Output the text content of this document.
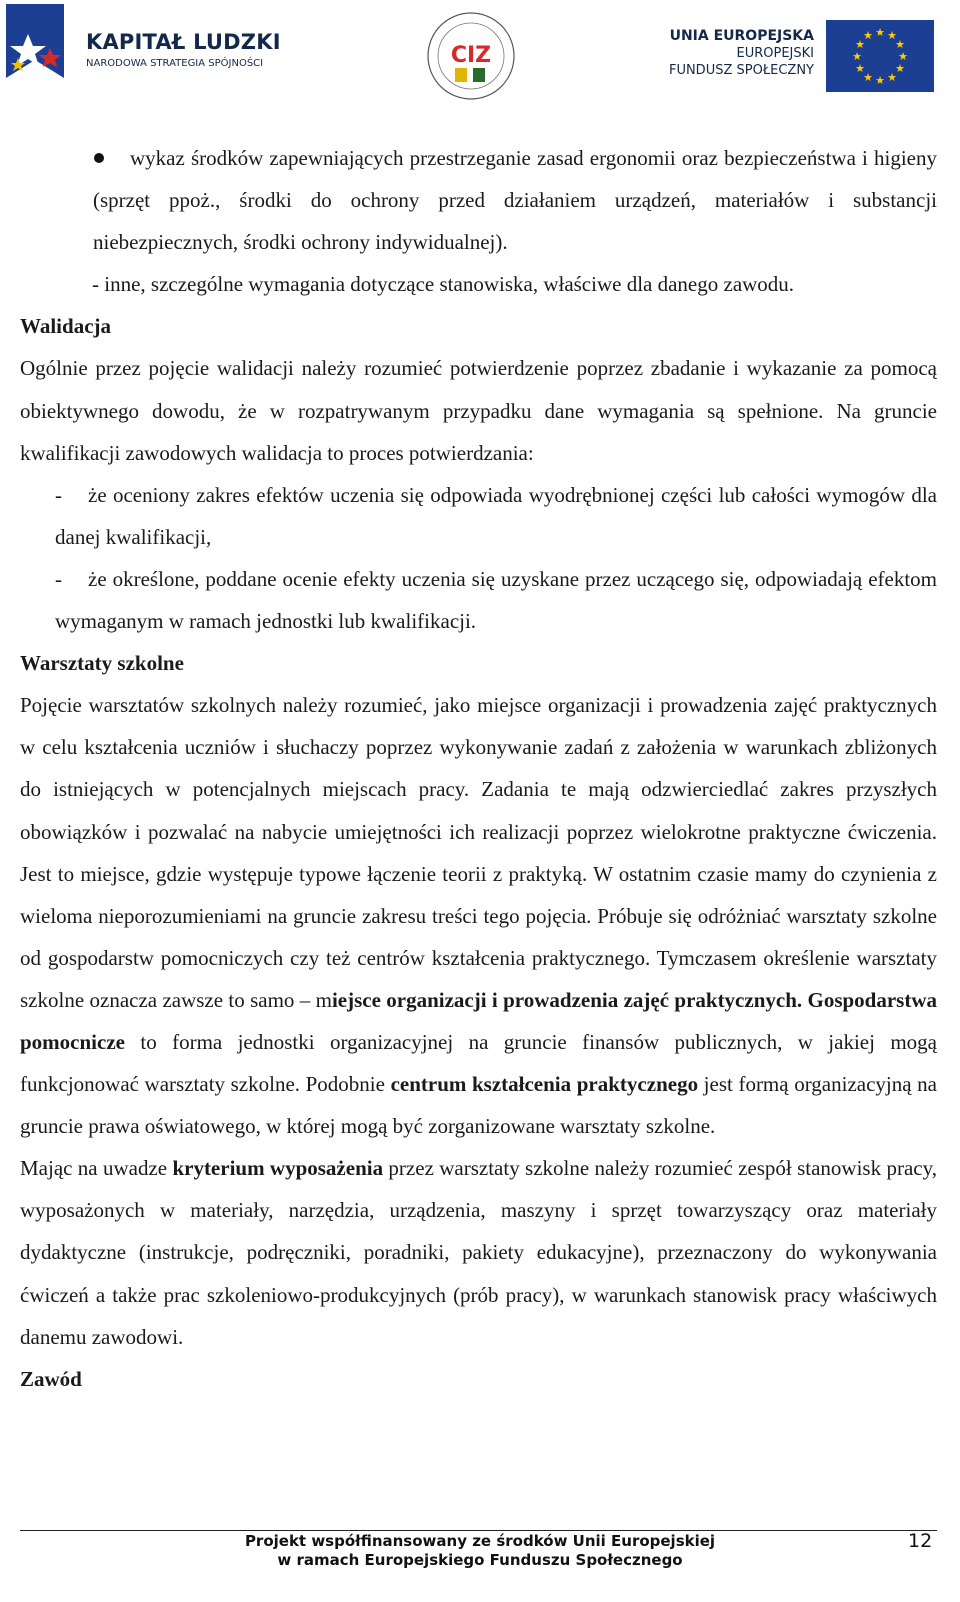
KAPITAŁ LUDZKI
NARODOWA STRATEGIA SPÓJNOŚCI	CIZ
UNIA EUROPEJSKA
EUROPEJSKI
FUNDUSZ SPOŁECZNY
★ ★
★
★
★
★
★
★
★
★
★
★

wykaz środków zapewniających przestrzeganie zasad ergonomii oraz bezpieczeństwa i higieny (sprzęt ppoż., środki do ochrony przed działaniem urządzeń, materiałów i substancji niebezpiecznych, środki ochrony indywidualnej).

- inne, szczególne wymagania dotyczące stanowiska, właściwe dla danego zawodu.

Walidacja

Ogólnie przez pojęcie walidacji należy rozumieć potwierdzenie poprzez zbadanie i wykazanie za pomocą obiektywnego dowodu, że w rozpatrywanym przypadku dane wymagania są spełnione. Na gruncie kwalifikacji zawodowych walidacja to proces potwierdzania:

-	że oceniony zakres efektów uczenia się odpowiada wyodrębnionej części lub całości wymogów dla danej kwalifikacji,

-	że określone, poddane ocenie efekty uczenia się uzyskane przez uczącego się, odpowiadają efektom wymaganym w ramach jednostki lub kwalifikacji.

Warsztaty szkolne

Pojęcie warsztatów szkolnych należy rozumieć, jako miejsce organizacji i prowadzenia zajęć praktycznych w celu kształcenia uczniów i słuchaczy poprzez wykonywanie zadań z założenia w warunkach zbliżonych do istniejących w potencjalnych miejscach pracy. Zadania te mają odzwierciedlać zakres przyszłych obowiązków i pozwalać na nabycie umiejętności ich realizacji poprzez wielokrotne praktyczne ćwiczenia. Jest to miejsce, gdzie występuje typowe łączenie teorii z praktyką. W ostatnim czasie mamy do czynienia z wieloma nieporozumieniami na gruncie zakresu treści tego pojęcia. Próbuje się odróżniać warsztaty szkolne od gospodarstw pomocniczych czy też centrów kształcenia praktycznego. Tymczasem określenie warsztaty szkolne oznacza zawsze to samo – miejsce organizacji i prowadzenia zajęć praktycznych. Gospodarstwa pomocnicze to forma jednostki organizacyjnej na gruncie finansów publicznych, w jakiej mogą funkcjonować warsztaty szkolne. Podobnie centrum kształcenia praktycznego jest formą organizacyjną na gruncie prawa oświatowego, w której mogą być zorganizowane warsztaty szkolne.

Mając na uwadze kryterium wyposażenia przez warsztaty szkolne należy rozumieć zespół stanowisk pracy, wyposażonych w materiały, narzędzia, urządzenia, maszyny i sprzęt towarzyszący oraz materiały dydaktyczne (instrukcje, podręczniki, poradniki, pakiety edukacyjne), przeznaczony do wykonywania ćwiczeń a także prac szkoleniowo-produkcyjnych (prób pracy), w warunkach stanowisk pracy właściwych danemu zawodowi.

Zawód

Projekt współfinansowany ze środków Unii Europejskiej
w ramach Europejskiego Funduszu Społecznego
12
